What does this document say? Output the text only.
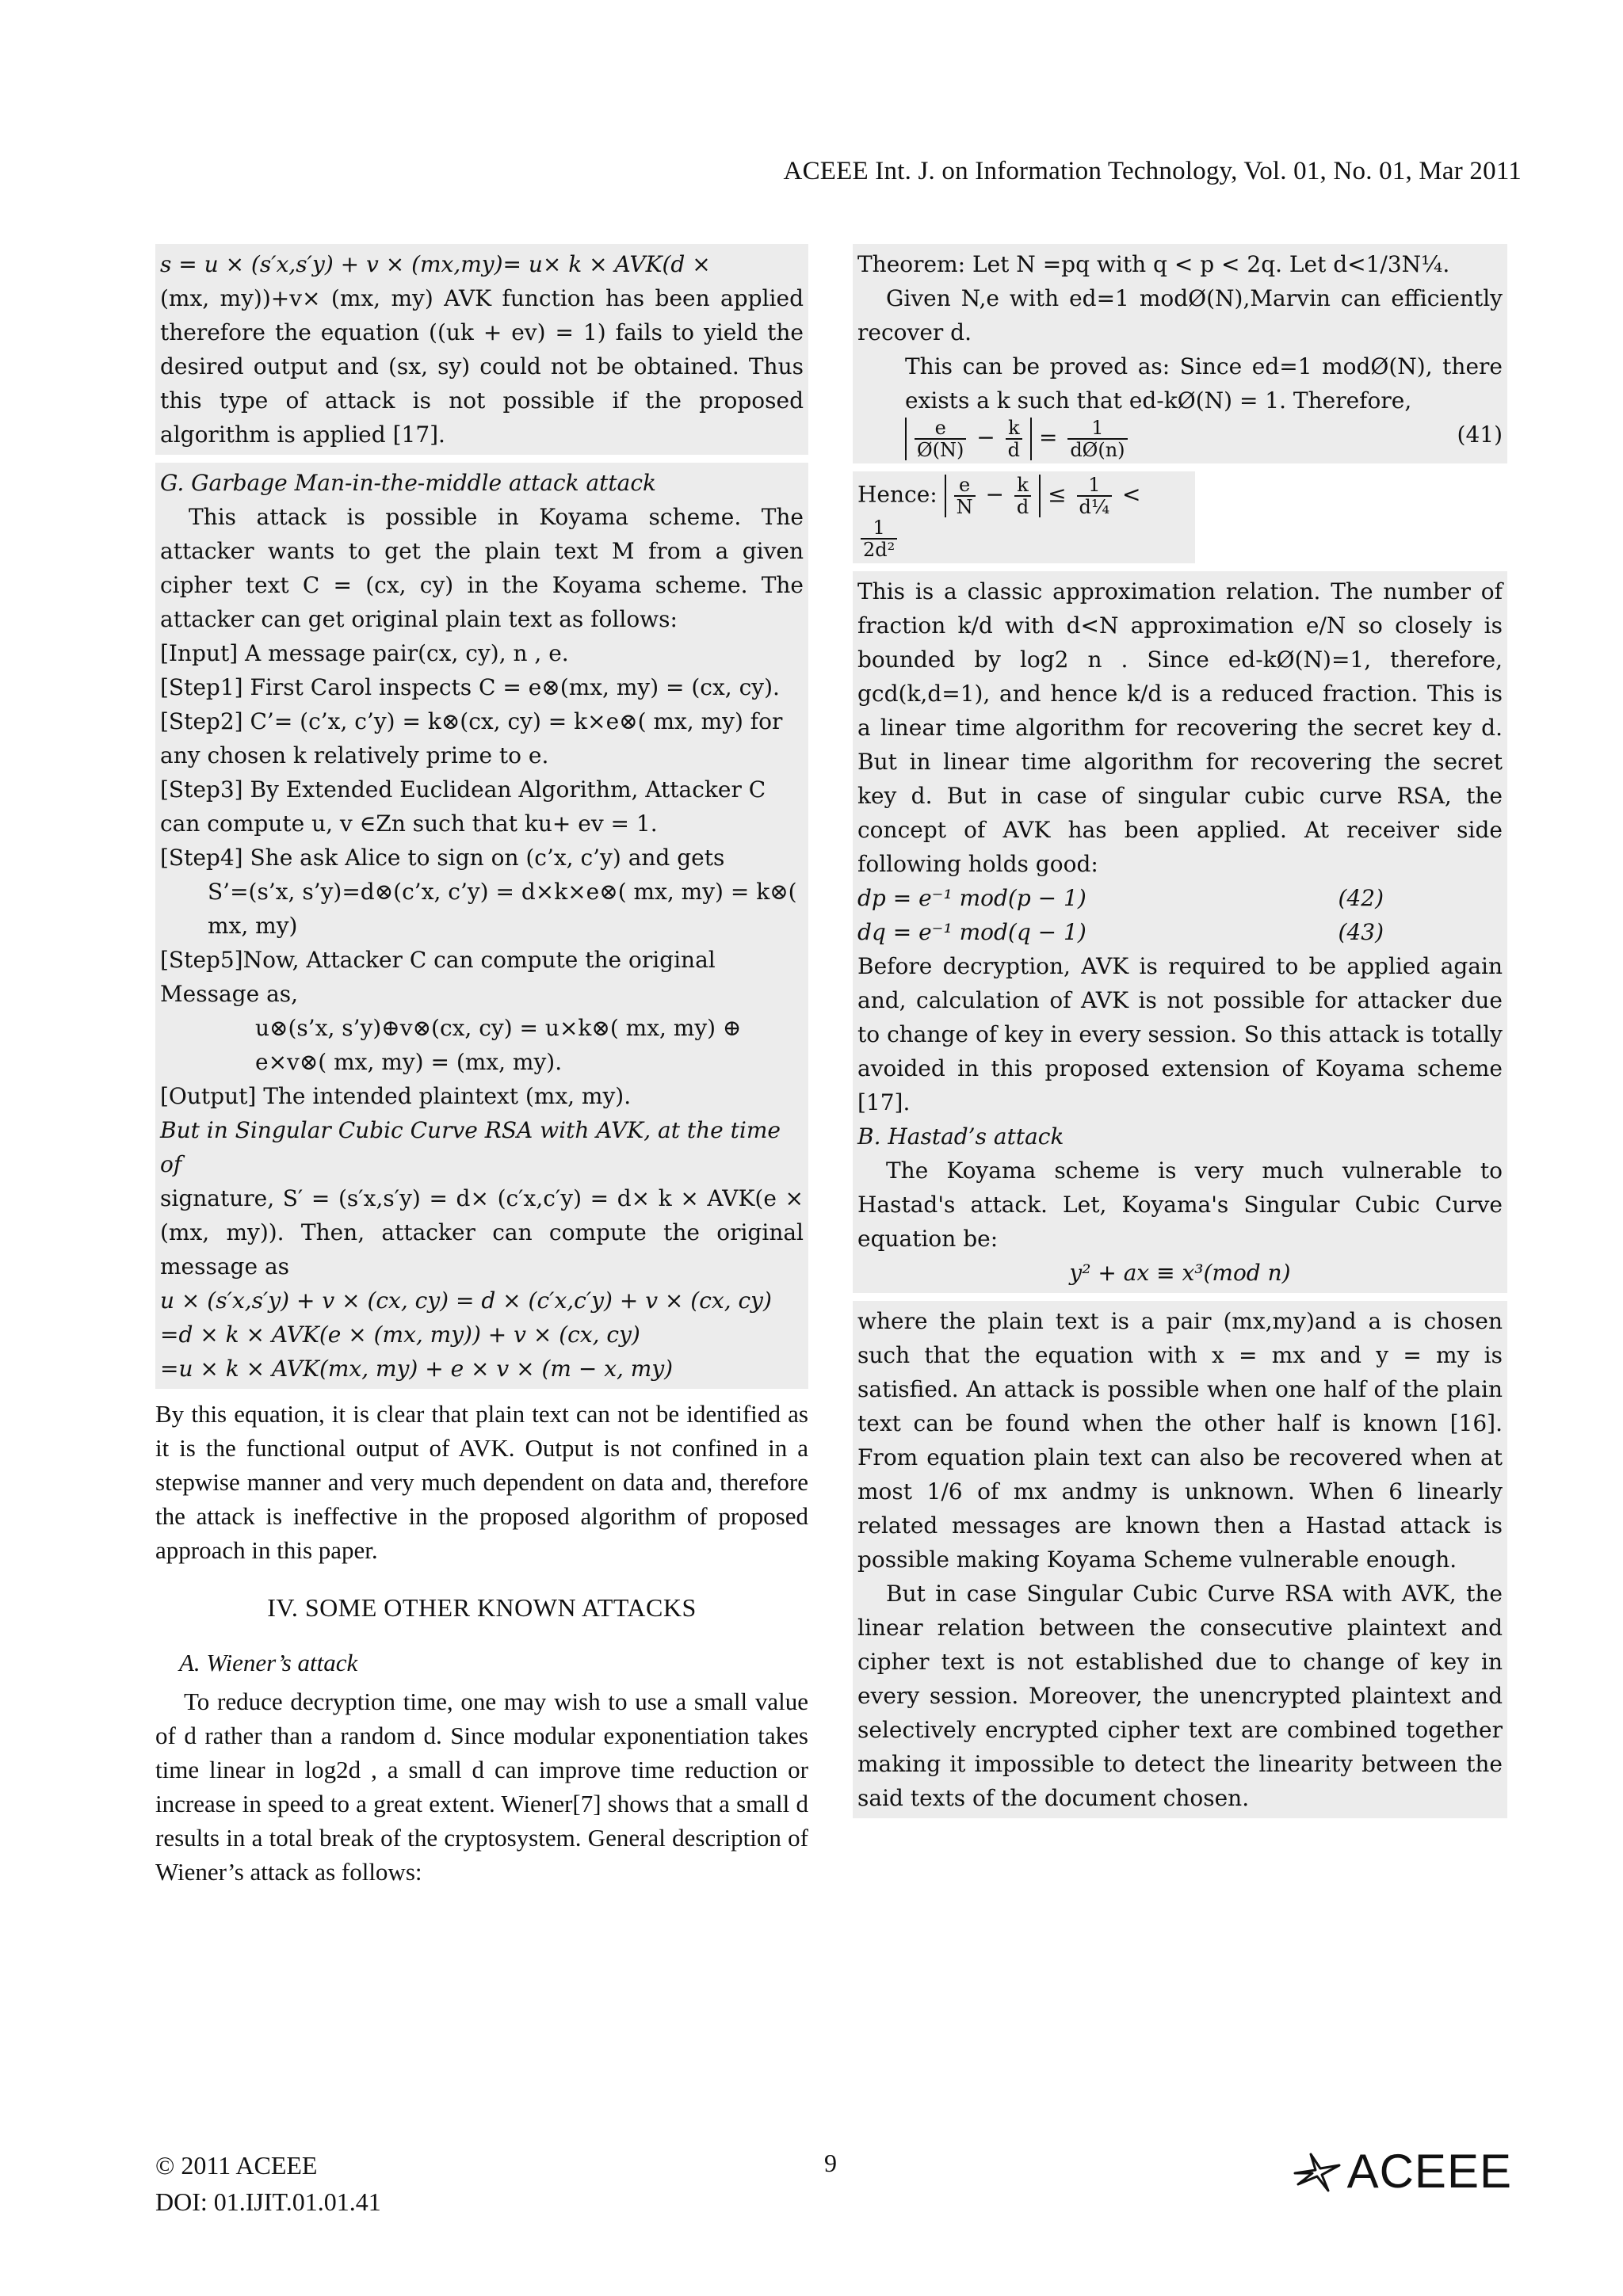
ACEEE Int. J. on Information Technology, Vol. 01, No. 01, Mar 2011

s = u × (s′x,s′y) + v × (mx,my)= u× k × AVK(d ×

(mx, my))+v× (mx, my) AVK function has been applied therefore the equation ((uk + ev) = 1) fails to yield the desired output and (sx, sy) could not be obtained. Thus this type of attack is not possible if the proposed algorithm is applied [17].

G. Garbage Man-in-the-middle attack attack

This attack is possible in Koyama scheme. The attacker wants to get the plain text M from a given cipher text C = (cx, cy) in the Koyama scheme. The attacker can get original plain text as follows:

[Input] A message pair(cx, cy), n , e.

[Step1] First Carol inspects C = e⊗(mx, my) = (cx, cy).

[Step2] C’= (c’x, c’y) = k⊗(cx, cy) = k×e⊗( mx, my) for any chosen k relatively prime to e.

[Step3] By Extended Euclidean Algorithm, Attacker C can compute u, v ∈Zn such that ku+ ev = 1.

[Step4] She ask Alice to sign on (c’x, c’y) and gets

S’=(s’x, s’y)=d⊗(c’x, c’y) = d×k×e⊗( mx, my) = k⊗( mx, my)

[Step5]Now, Attacker C can compute the original Message as,

u⊗(s’x, s’y)⊕v⊗(cx, cy) = u×k⊗( mx, my) ⊕ e×v⊗( mx, my) = (mx, my).

[Output] The intended plaintext (mx, my).

But in Singular Cubic Curve RSA with AVK, at the time of

signature, S′ = (s′x,s′y) = d× (c′x,c′y) = d× k × AVK(e × (mx, my)). Then, attacker can compute the original message as

u × (s′x,s′y) + v × (cx, cy) = d × (c′x,c′y) + v × (cx, cy)

=d × k × AVK(e × (mx, my)) + v × (cx, cy)

=u × k × AVK(mx, my) + e × v × (m − x, my)

By this equation, it is clear that plain text can not be identified as it is the functional output of AVK. Output is not confined in a stepwise manner and very much dependent on data and, therefore the attack is ineffective in the proposed algorithm of proposed approach in this paper.

IV. SOME OTHER KNOWN ATTACKS

A. Wiener’s attack

To reduce decryption time, one may wish to use a small value of d rather than a random d. Since modular exponentiation takes time linear in log2d , a small d can improve time reduction or increase in speed to a great extent. Wiener[7] shows that a small d results in a total break of the cryptosystem. General description of Wiener’s attack as follows:

Theorem: Let N =pq with q < p < 2q. Let d<1/3N¼.

Given N,e with ed=1 modØ(N),Marvin can efficiently recover d.

This can be proved as: Since ed=1 modØ(N), there exists a k such that ed-kØ(N) = 1. Therefore,

$\frac{e}{Ø(N)} - \frac{k}{d} = \frac{1}{dØ(n)}$	(41)

Hence: $\frac{e}{N} - \frac{k}{d} \le \frac{1}{\text{d¼}}$ <
$\frac{1}{\text{2d²}}$

This is a classic approximation relation. The number of fraction k/d with d<N approximation e/N so closely is bounded by log2 n . Since ed-kØ(N)=1, therefore, gcd(k,d=1), and hence k/d is a reduced fraction. This is a linear time algorithm for recovering the secret key d. But in linear time algorithm for recovering the secret key d. But in case of singular cubic curve RSA, the concept of AVK has been applied. At receiver side following holds good:

dp = e⁻¹ mod(p − 1)	(42)

dq = e⁻¹ mod(q − 1)	(43)

Before decryption, AVK is required to be applied again and, calculation of AVK is not possible for attacker due to change of key in every session. So this attack is totally avoided in this proposed extension of Koyama scheme [17].

B. Hastad’s attack

The Koyama scheme is very much vulnerable to Hastad's attack. Let, Koyama's Singular Cubic Curve equation be:

y² + ax ≡ x³(mod n)

where the plain text is a pair (mx,my)and a is chosen such that the equation with x = mx and y = my is satisfied. An attack is possible when one half of the plain text can be found when the other half is known [16]. From equation plain text can also be recovered when at most 1/6 of mx andmy is unknown. When 6 linearly related messages are known then a Hastad attack is possible making Koyama Scheme vulnerable enough.

But in case Singular Cubic Curve RSA with AVK, the linear relation between the consecutive plaintext and cipher text is not established due to change of key in every session. Moreover, the unencrypted plaintext and selectively encrypted cipher text are combined together making it impossible to detect the linearity between the said texts of the document chosen.

© 2011 ACEEE
DOI: 01.IJIT.01.01.41
9	ACEEE
